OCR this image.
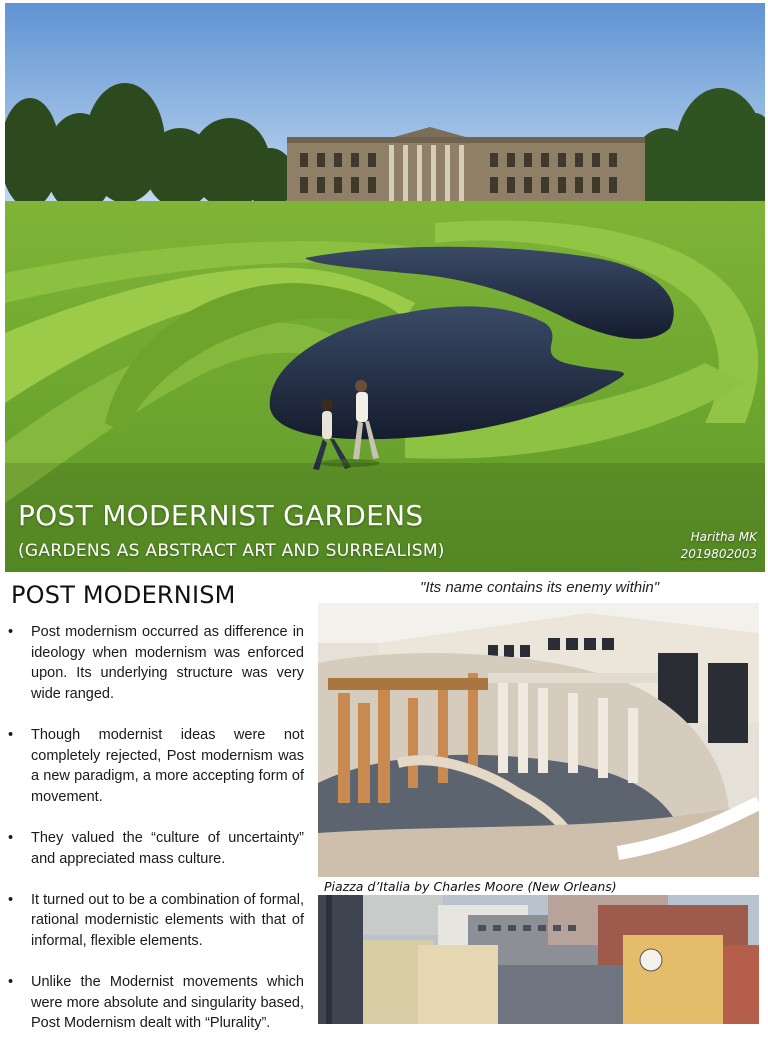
POST MODERNIST GARDENS
(GARDENS AS ABSTRACT ART AND SURREALISM)
Haritha MK
2019802003
POST MODERNISM	"Its name contains its enemy within"
• Post modernism occurred as difference in ideology when modernism was enforced upon. Its underlying structure was very wide ranged.
• Though modernist ideas were not completely rejected, Post modernism was a new paradigm, a more accepting form of movement.
• They valued the “culture of uncertainty” and appreciated mass culture.
• It turned out to be a combination of formal, rational modernistic elements with that of informal, flexible elements.
• Unlike the Modernist movements which were more absolute and singularity based, Post Modernism dealt with “Plurality”.
Piazza d’Italia by Charles Moore (New Orleans)
